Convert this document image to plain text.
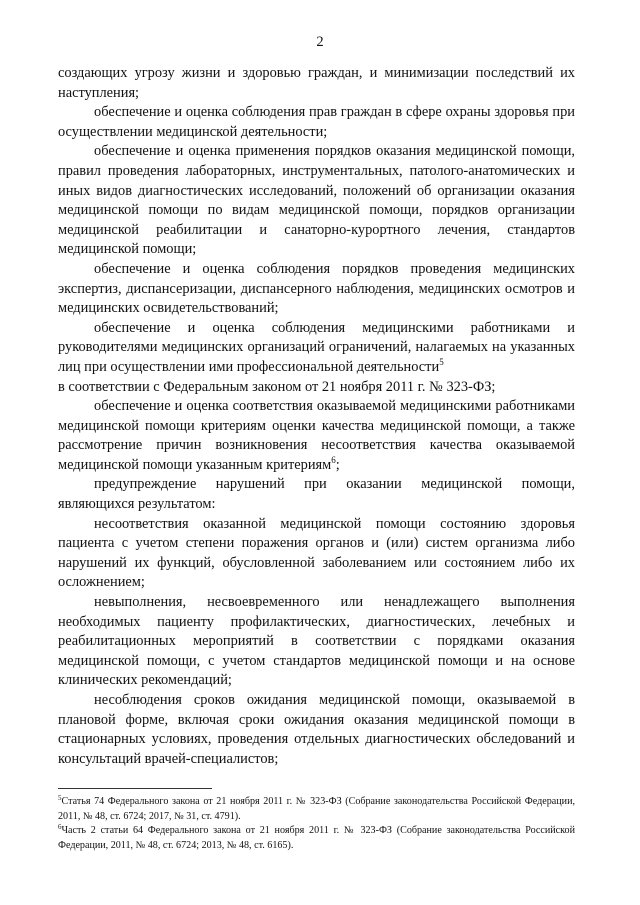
2

создающих угрозу жизни и здоровью граждан, и минимизации последствий их наступления;

обеспечение и оценка соблюдения прав граждан в сфере охраны здоровья при осуществлении медицинской деятельности;

обеспечение и оценка применения порядков оказания медицинской помощи, правил проведения лабораторных, инструментальных, патолого-анатомических и иных видов диагностических исследований, положений об организации оказания медицинской помощи по видам медицинской помощи, порядков организации медицинской реабилитации и санаторно-курортного лечения, стандартов медицинской помощи;

обеспечение и оценка соблюдения порядков проведения медицинских экспертиз, диспансеризации, диспансерного наблюдения, медицинских осмотров и медицинских освидетельствований;

обеспечение и оценка соблюдения медицинскими работниками и руководителями медицинских организаций ограничений, налагаемых на указанных лиц при осуществлении ими профессиональной деятельности$^5$

в соответствии с Федеральным законом от 21 ноября 2011 г. № 323-ФЗ;

обеспечение и оценка соответствия оказываемой медицинскими работниками медицинской помощи критериям оценки качества медицинской помощи, а также рассмотрение причин возникновения несоответствия качества оказываемой медицинской помощи указанным критериям$^6$;

предупреждение нарушений при оказании медицинской помощи, являющихся результатом:

несоответствия оказанной медицинской помощи состоянию здоровья пациента с учетом степени поражения органов и (или) систем организма либо нарушений их функций, обусловленной заболеванием или состоянием либо их осложнением;

невыполнения, несвоевременного или ненадлежащего выполнения необходимых пациенту профилактических, диагностических, лечебных и реабилитационных мероприятий в соответствии с порядками оказания медицинской помощи, с учетом стандартов медицинской помощи и на основе клинических рекомендаций;

несоблюдения сроков ожидания медицинской помощи, оказываемой в плановой форме, включая сроки ожидания оказания медицинской помощи в стационарных условиях, проведения отдельных диагностических обследований и консультаций врачей-специалистов;

$^5$Статья 74 Федерального закона от 21 ноября 2011 г. № 323-ФЗ (Собрание законодательства Российской Федерации, 2011, № 48, ст. 6724; 2017, № 31, ст. 4791).

$^6$Часть 2 статьи 64 Федерального закона от 21 ноября 2011 г. № 323-ФЗ (Собрание законодательства Российской Федерации, 2011, № 48, ст. 6724; 2013, № 48, ст. 6165).
